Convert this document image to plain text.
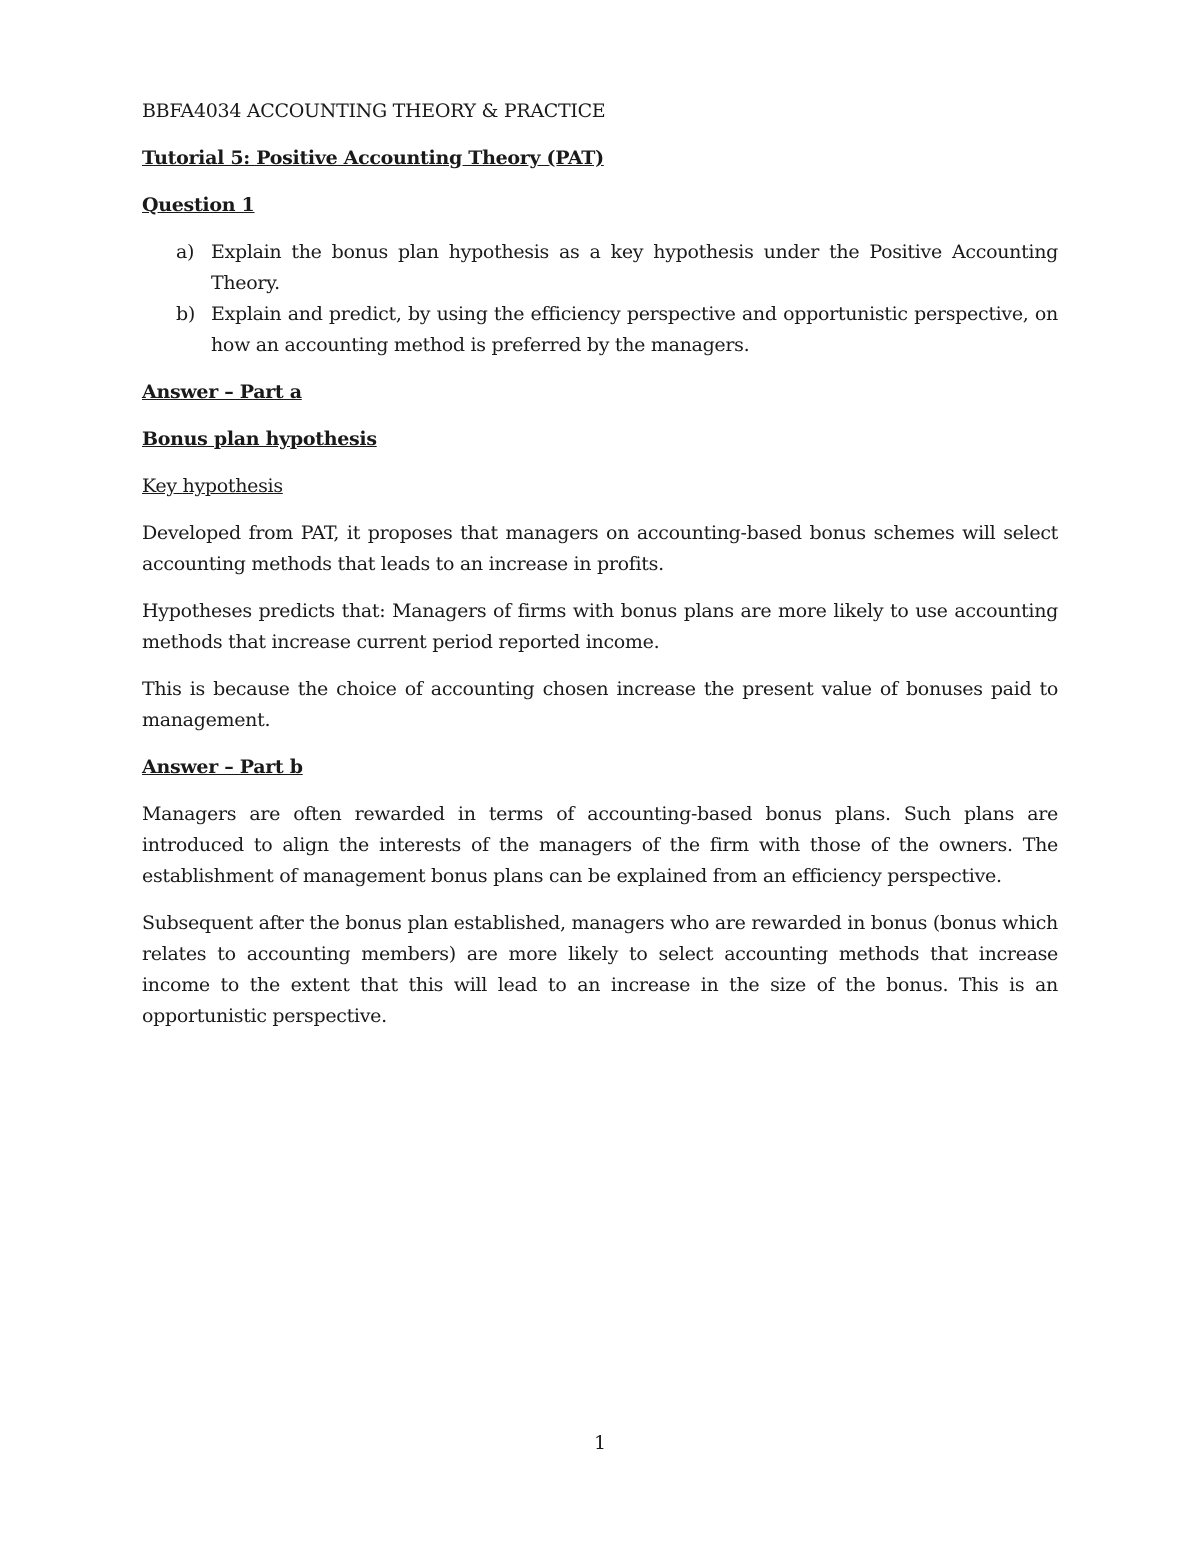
BBFA4034 ACCOUNTING THEORY & PRACTICE

Tutorial 5: Positive Accounting Theory (PAT)

Question 1

a) Explain the bonus plan hypothesis as a key hypothesis under the Positive Accounting Theory.
b) Explain and predict, by using the efficiency perspective and opportunistic perspective, on how an accounting method is preferred by the managers.

Answer – Part a

Bonus plan hypothesis

Key hypothesis

Developed from PAT, it proposes that managers on accounting-based bonus schemes will select accounting methods that leads to an increase in profits.

Hypotheses predicts that: Managers of firms with bonus plans are more likely to use accounting methods that increase current period reported income.

This is because the choice of accounting chosen increase the present value of bonuses paid to management.

Answer – Part b

Managers are often rewarded in terms of accounting-based bonus plans. Such plans are introduced to align the interests of the managers of the firm with those of the owners. The establishment of management bonus plans can be explained from an efficiency perspective.

Subsequent after the bonus plan established, managers who are rewarded in bonus (bonus which relates to accounting members) are more likely to select accounting methods that increase income to the extent that this will lead to an increase in the size of the bonus. This is an opportunistic perspective.

1
